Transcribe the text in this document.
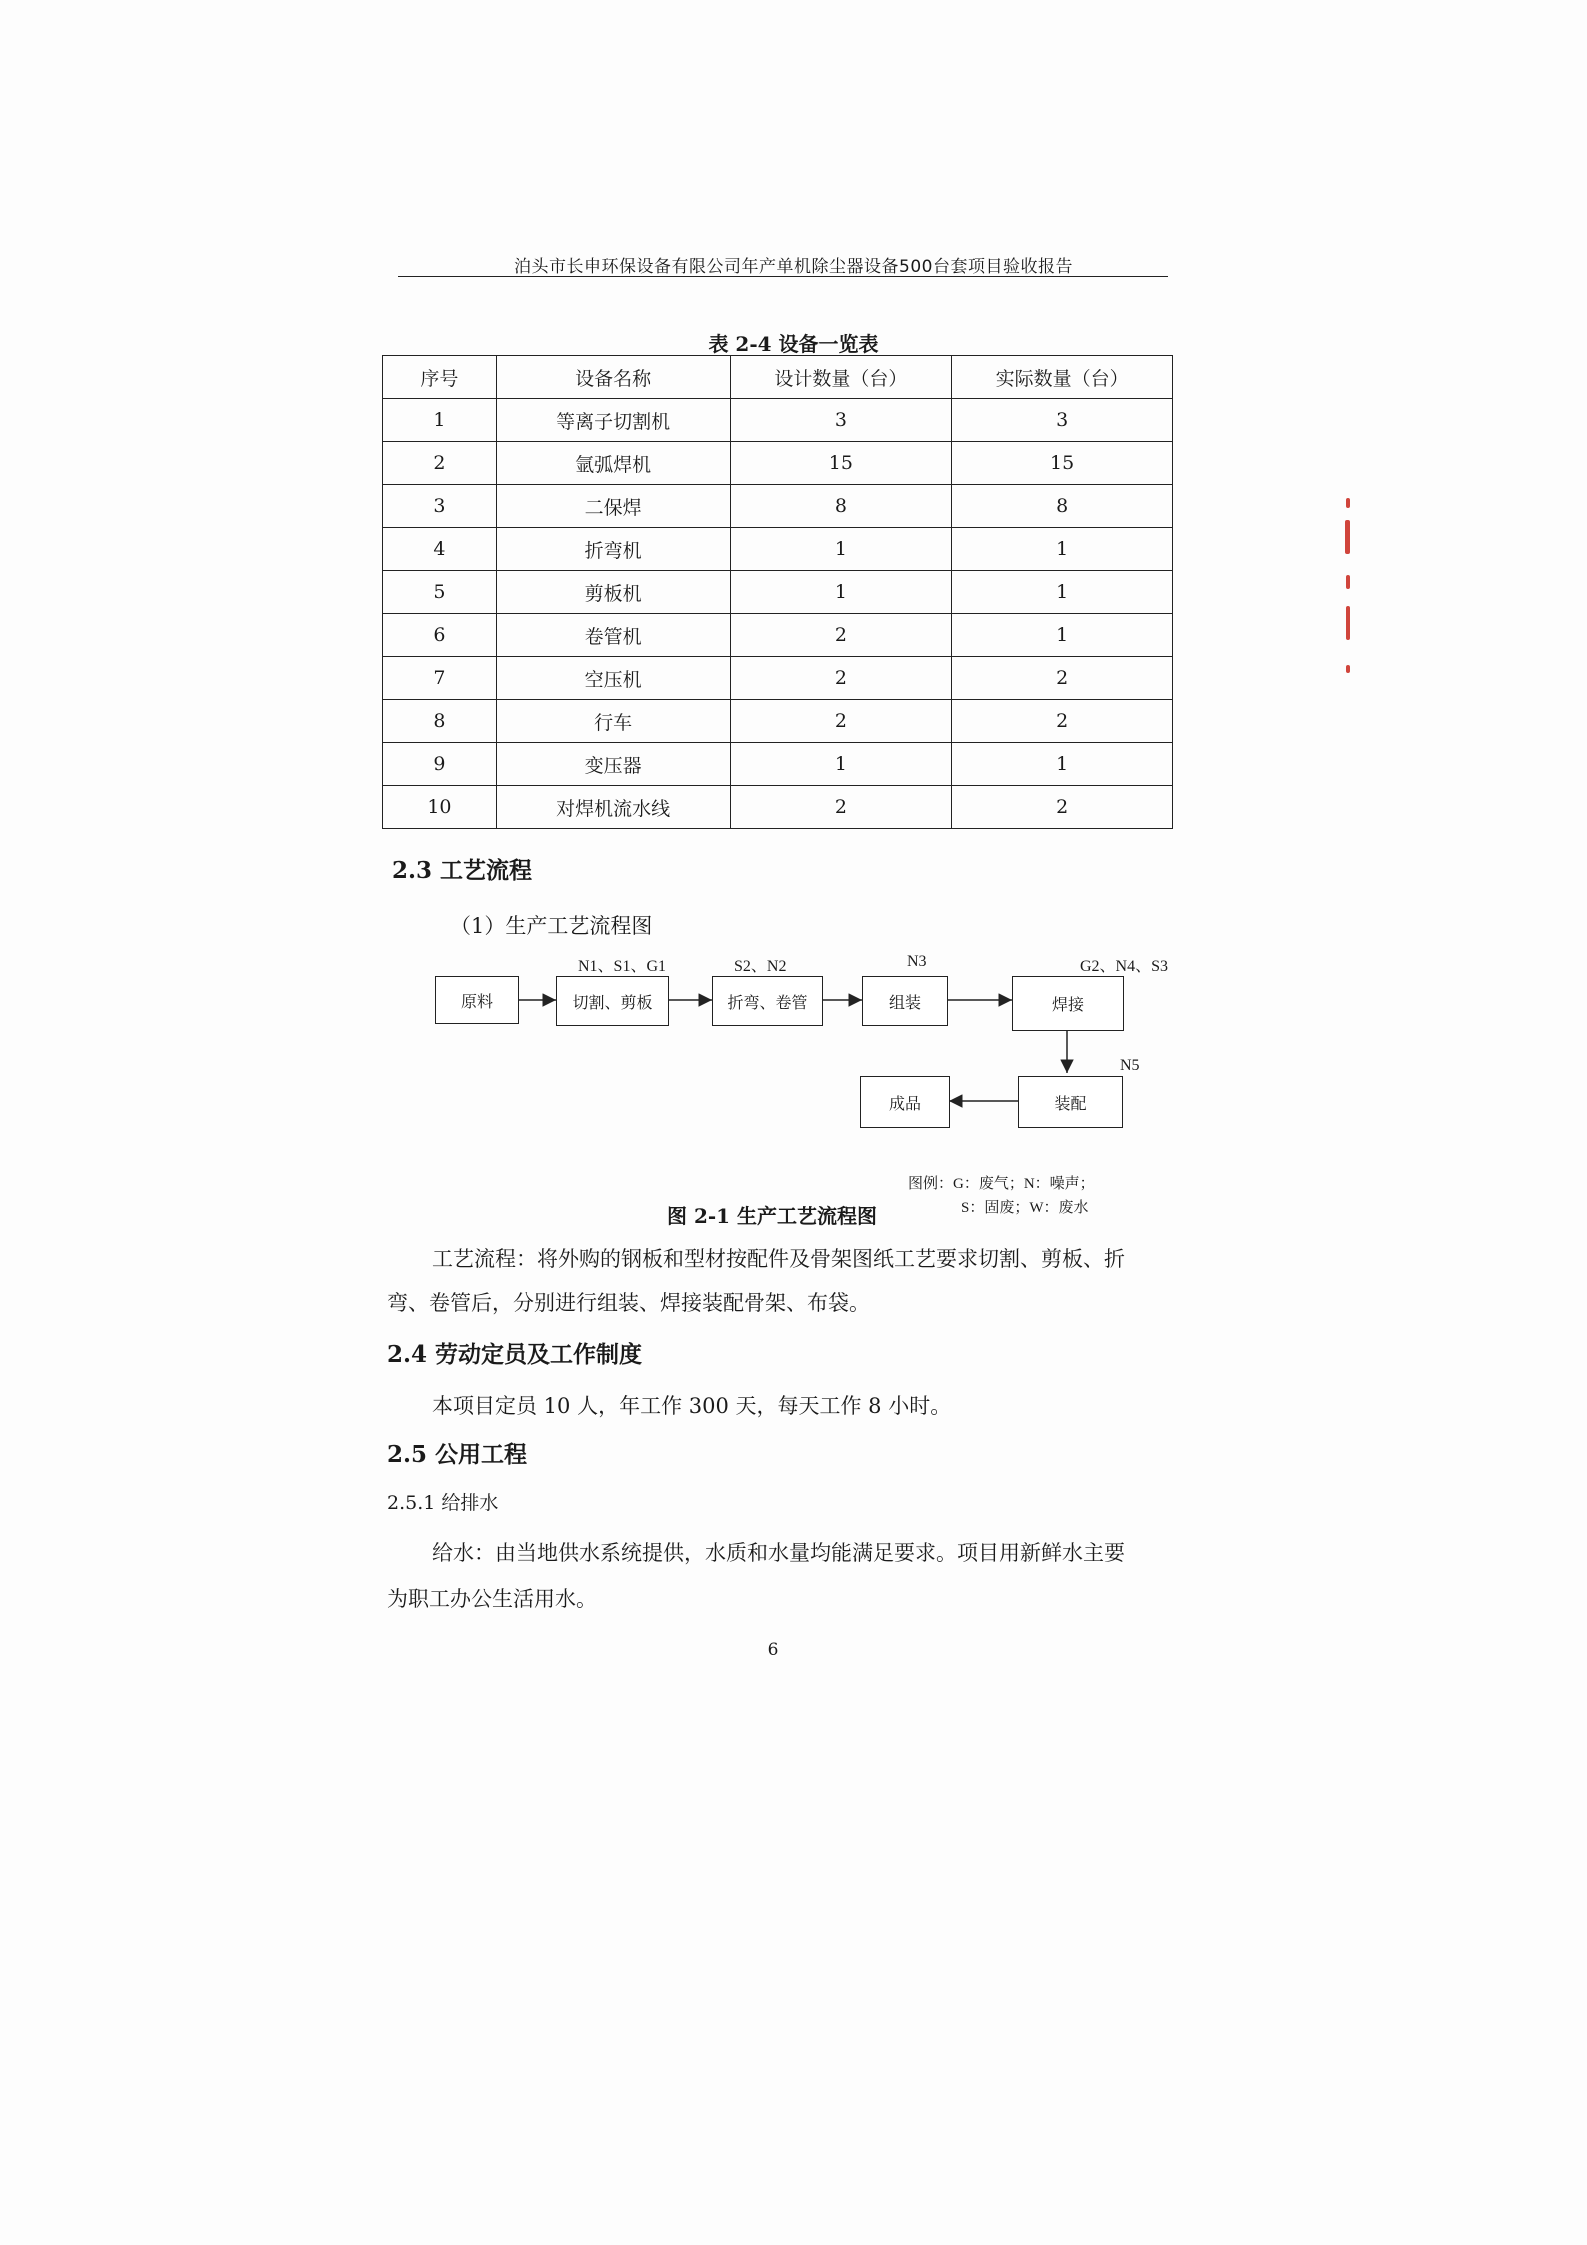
泊头市长申环保设备有限公司年产单机除尘器设备500台套项目验收报告
表 2-4 设备一览表
序号	设备名称	设计数量（台）	实际数量（台）
1	等离子切割机	3	3
2	氩弧焊机	15	15
3	二保焊	8	8
4	折弯机	1	1
5	剪板机	1	1
6	卷管机	2	1
7	空压机	2	2
8	行车	2	2
9	变压器	1	1
10	对焊机流水线	2	2
2.3 工艺流程
（1）生产工艺流程图
原料	切割、剪板	折弯、卷管	组装	焊接
装配
成品
N1、S1、G1	S2、N2	N3	G2、N4、S3
N5
图例：G：废气；N：噪声；
S：固废；W：废水
图 2-1 生产工艺流程图
工艺流程：将外购的钢板和型材按配件及骨架图纸工艺要求切割、剪板、折
弯、卷管后，分别进行组装、焊接装配骨架、布袋。
2.4 劳动定员及工作制度
本项目定员 10 人，年工作 300 天，每天工作 8 小时。
2.5 公用工程
2.5.1 给排水
给水：由当地供水系统提供，水质和水量均能满足要求。项目用新鲜水主要
为职工办公生活用水。
6
